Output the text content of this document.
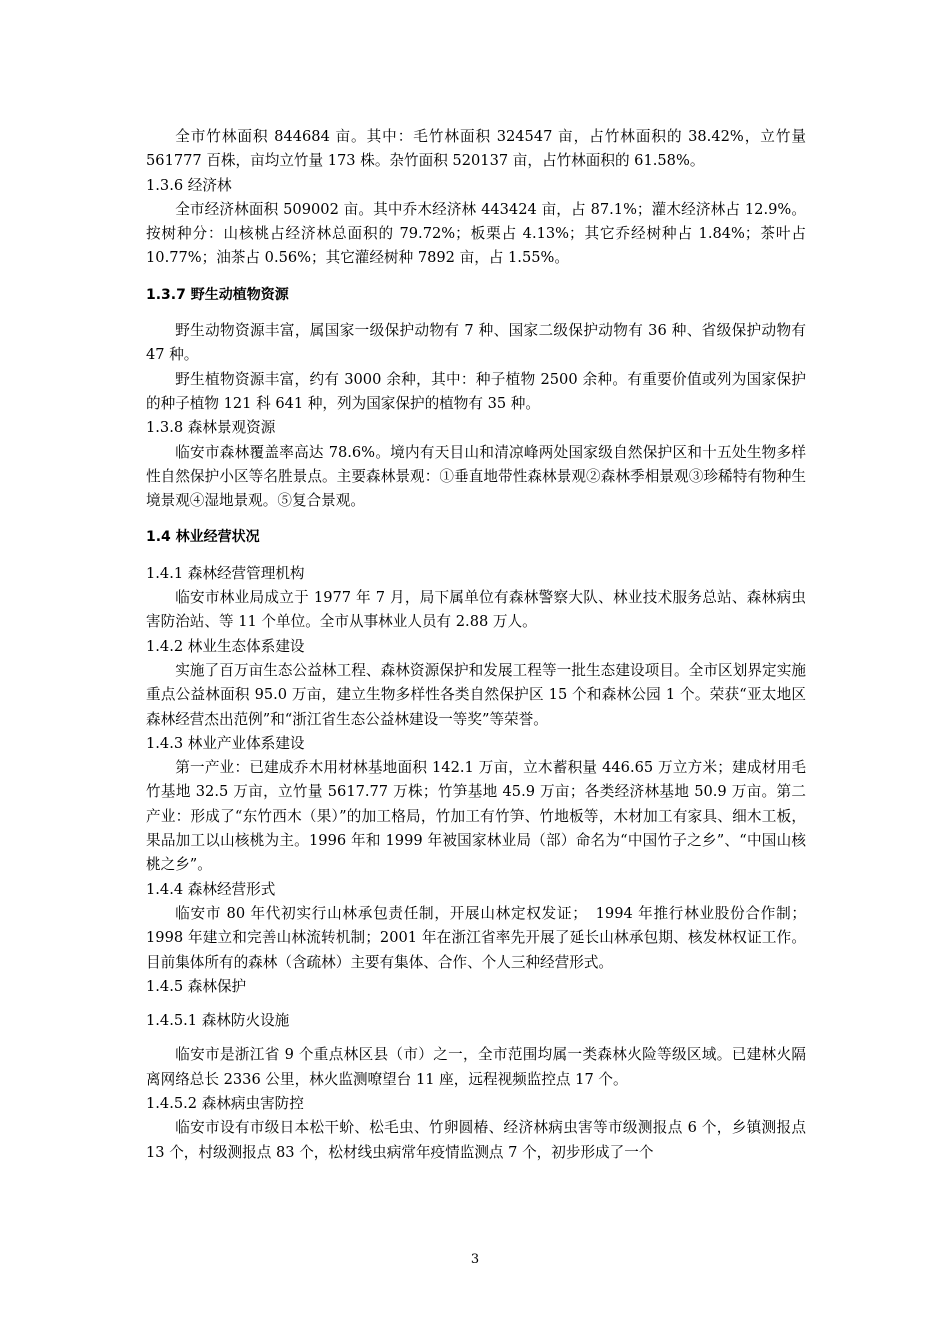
全市竹林面积 844684 亩。其中：毛竹林面积 324547 亩，占竹林面积的 38.42%，立竹量 561777 百株，亩均立竹量 173 株。杂竹面积 520137 亩，占竹林面积的 61.58%。

1.3.6 经济林

全市经济林面积 509002 亩。其中乔木经济林 443424 亩，占 87.1%；灌木经济林占 12.9%。按树种分：山核桃占经济林总面积的 79.72%；板栗占 4.13%；其它乔经树种占 1.84%；茶叶占 10.77%；油茶占 0.56%；其它灌经树种 7892 亩，占 1.55%。

1.3.7 野生动植物资源

野生动物资源丰富，属国家一级保护动物有 7 种、国家二级保护动物有 36 种、省级保护动物有 47 种。

野生植物资源丰富，约有 3000 余种，其中：种子植物 2500 余种。有重要价值或列为国家保护的种子植物 121 科 641 种，列为国家保护的植物有 35 种。

1.3.8 森林景观资源

临安市森林覆盖率高达 78.6%。境内有天目山和清凉峰两处国家级自然保护区和十五处生物多样性自然保护小区等名胜景点。主要森林景观：①垂直地带性森林景观②森林季相景观③珍稀特有物种生境景观④湿地景观。⑤复合景观。

1.4 林业经营状况

1.4.1 森林经营管理机构

临安市林业局成立于 1977 年 7 月，局下属单位有森林警察大队、林业技术服务总站、森林病虫害防治站、等 11 个单位。全市从事林业人员有 2.88 万人。

1.4.2 林业生态体系建设

实施了百万亩生态公益林工程、森林资源保护和发展工程等一批生态建设项目。全市区划界定实施重点公益林面积 95.0 万亩，建立生物多样性各类自然保护区 15 个和森林公园 1 个。荣获“亚太地区森林经营杰出范例”和“浙江省生态公益林建设一等奖”等荣誉。

1.4.3 林业产业体系建设

第一产业：已建成乔木用材林基地面积 142.1 万亩，立木蓄积量 446.65 万立方米；建成材用毛竹基地 32.5 万亩，立竹量 5617.77 万株；竹笋基地 45.9 万亩；各类经济林基地 50.9 万亩。第二产业：形成了“东竹西木（果）”的加工格局，竹加工有竹笋、竹地板等，木材加工有家具、细木工板，果品加工以山核桃为主。1996 年和 1999 年被国家林业局（部）命名为“中国竹子之乡”、“中国山核桃之乡”。

1.4.4 森林经营形式

临安市 80 年代初实行山林承包责任制，开展山林定权发证；　1994 年推行林业股份合作制；1998 年建立和完善山林流转机制；2001 年在浙江省率先开展了延长山林承包期、核发林权证工作。目前集体所有的森林（含疏林）主要有集体、合作、个人三种经营形式。

1.4.5 森林保护

1.4.5.1 森林防火设施

临安市是浙江省 9 个重点林区县（市）之一，全市范围均属一类森林火险等级区域。已建林火隔离网络总长 2336 公里，林火监测嘹望台 11 座，远程视频监控点 17 个。

1.4.5.2 森林病虫害防控

临安市设有市级日本松干蚧、松毛虫、竹卵圆椿、经济林病虫害等市级测报点 6 个，乡镇测报点 13 个，村级测报点 83 个，松材线虫病常年疫情监测点 7 个，初步形成了一个

3
